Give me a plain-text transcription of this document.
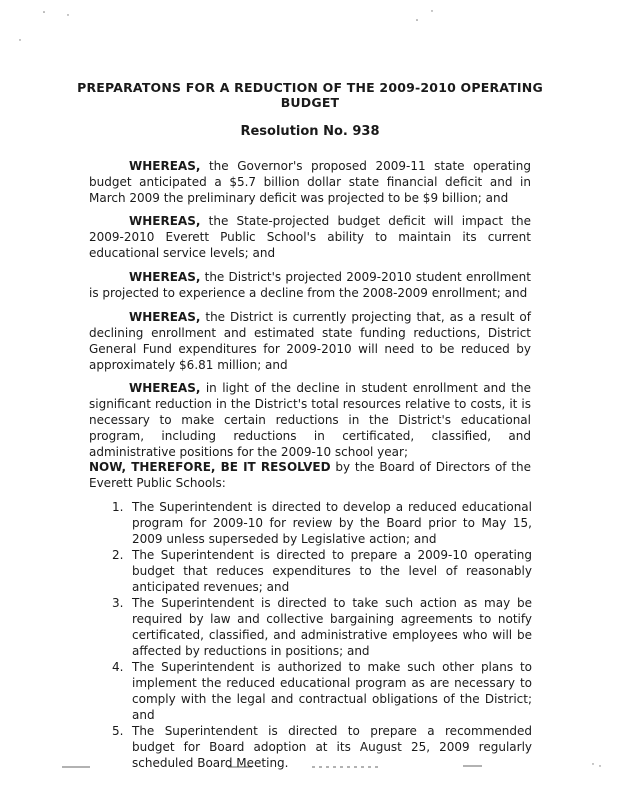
PREPARATONS FOR A REDUCTION OF THE 2009-2010 OPERATING
BUDGET
Resolution No. 938

WHEREAS, the Governor's proposed 2009-11 state operating budget anticipated a $5.7 billion dollar state financial deficit and in March 2009 the preliminary deficit was projected to be $9 billion; and

WHEREAS, the State-projected budget deficit will impact the 2009-2010 Everett Public School's ability to maintain its current educational service levels; and

WHEREAS, the District's projected 2009-2010 student enrollment is projected to experience a decline from the 2008-2009 enrollment; and

WHEREAS, the District is currently projecting that, as a result of declining enrollment and estimated state funding reductions, District General Fund expenditures for 2009-2010 will need to be reduced by approximately $6.81 million; and

WHEREAS, in light of the decline in student enrollment and the significant reduction in the District's total resources relative to costs, it is necessary to make certain reductions in the District's educational program, including reductions in certificated, classified, and administrative positions for the 2009-10 school year;

NOW, THEREFORE, BE IT RESOLVED by the Board of Directors of the Everett Public Schools:

1. The Superintendent is directed to develop a reduced educational program for 2009-10 for review by the Board prior to May 15, 2009 unless superseded by Legislative action; and
2. The Superintendent is directed to prepare a 2009-10 operating budget that reduces expenditures to the level of reasonably anticipated revenues; and
3. The Superintendent is directed to take such action as may be required by law and collective bargaining agreements to notify certificated, classified, and administrative employees who will be affected by reductions in positions; and
4. The Superintendent is authorized to make such other plans to implement the reduced educational program as are necessary to comply with the legal and contractual obligations of the District; and
5. The Superintendent is directed to prepare a recommended budget for Board adoption at its August 25, 2009 regularly scheduled Board Meeting.
